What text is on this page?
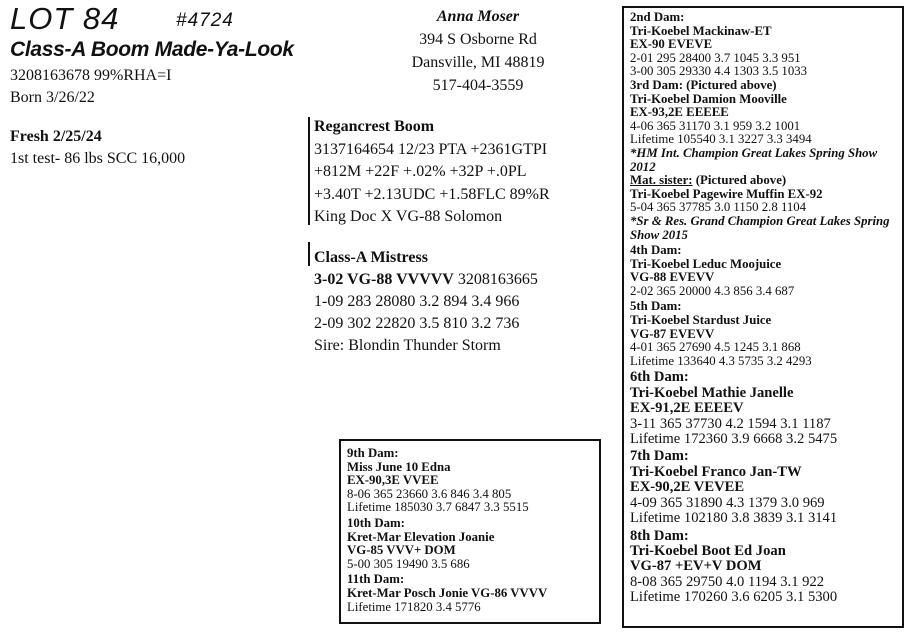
LOT 84	#4724
Class-A Boom Made-Ya-Look
3208163678 99%RHA=I
Born 3/26/22
Fresh 2/25/24
1st test- 86 lbs SCC 16,000
Anna Moser
394 S Osborne Rd
Dansville, MI 48819
517-404-3559
Regancrest Boom
3137164654 12/23 PTA +2361GTPI
+812M +22F +.02% +32P +.0PL
+3.40T +2.13UDC +1.58FLC 89%R
King Doc X VG-88 Solomon
Class-A Mistress
3-02 VG-88 VVVVV 3208163665
1-09 283 28080 3.2 894 3.4 966
2-09 302 22820 3.5 810 3.2 736
Sire: Blondin Thunder Storm
2nd Dam:
Tri-Koebel Mackinaw-ET
EX-90 EVEVE
2-01 295 28400 3.7 1045 3.3 951
3-00 305 29330 4.4 1303 3.5 1033
3rd Dam: (Pictured above)
Tri-Koebel Damion Mooville
EX-93,2E EEEEE
4-06 365 31170 3.1 959 3.2 1001
Lifetime 105540 3.1 3227 3.3 3494
*HM Int. Champion Great Lakes Spring Show 2012
Mat. sister: (Pictured above)
Tri-Koebel Pagewire Muffin EX-92
5-04 365 37785 3.0 1150 2.8 1104
*Sr & Res. Grand Champion Great Lakes Spring Show 2015
4th Dam:
Tri-Koebel Leduc Moojuice
VG-88 EVEVV
2-02 365 20000 4.3 856 3.4 687
5th Dam:
Tri-Koebel Stardust Juice
VG-87 EVEVV
4-01 365 27690 4.5 1245 3.1 868
Lifetime 133640 4.3 5735 3.2 4293
6th Dam:
Tri-Koebel Mathie Janelle
EX-91,2E EEEEV
3-11 365 37730 4.2 1594 3.1 1187
Lifetime 172360 3.9 6668 3.2 5475
7th Dam:
Tri-Koebel Franco Jan-TW
EX-90,2E VEVEE
4-09 365 31890 4.3 1379 3.0 969
Lifetime 102180 3.8 3839 3.1 3141
8th Dam:
Tri-Koebel Boot Ed Joan
VG-87 +EV+V DOM
8-08 365 29750 4.0 1194 3.1 922
Lifetime 170260 3.6 6205 3.1 5300
9th Dam:
Miss June 10 Edna
EX-90,3E VVEE
8-06 365 23660 3.6 846 3.4 805
Lifetime 185030 3.7 6847 3.3 5515
10th Dam:
Kret-Mar Elevation Joanie
VG-85 VVV+ DOM
5-00 305 19490 3.5 686
11th Dam:
Kret-Mar Posch Jonie VG-86 VVVV
Lifetime 171820 3.4 5776
